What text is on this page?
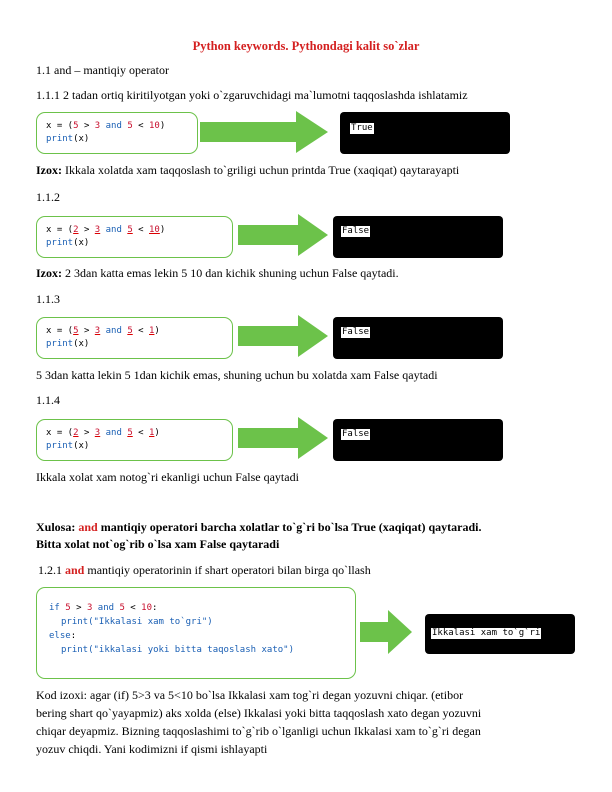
Python keywords. Pythondagi kalit so`zlar
1.1 and – mantiqiy operator
1.1.1 2 tadan ortiq kiritilyotgan yoki o`zgaruvchidagi ma`lumotni taqqoslashda ishlatamiz
x = (5 > 3 and 5 < 10)
print(x)
True
Izox: Ikkala xolatda xam taqqoslash to`griligi uchun printda True (xaqiqat) qaytarayapti
1.1.2
x = (2 > 3 and 5 < 10)
print(x)
False
Izox: 2 3dan katta emas lekin 5 10 dan kichik shuning uchun False qaytadi.
1.1.3
x = (5 > 3 and 5 < 1)
print(x)
False
5 3dan katta lekin 5 1dan kichik emas, shuning uchun bu xolatda xam False qaytadi
1.1.4
x = (2 > 3 and 5 < 1)
print(x)
False
Ikkala xolat xam notog`ri ekanligi uchun False qaytadi
Xulosa: and mantiqiy operatori barcha xolatlar to`g`ri bo`lsa True (xaqiqat) qaytaradi.
Bitta xolat not`og`rib o`lsa xam False qaytaradi
1.2.1 and mantiqiy operatorinin if shart operatori bilan birga qo`llash
if 5 > 3 and 5 < 10:
print("Ikkalasi xam to`gri")
else:
print("ikkalasi yoki bitta taqoslash xato")
Ikkalasi xam to`g`ri
Kod izoxi: agar (if) 5>3 va 5<10 bo`lsa Ikkalasi xam tog`ri degan yozuvni chiqar. (etibor
bering shart qo`yayapmiz) aks xolda (else) Ikkalasi yoki bitta taqqoslash xato degan yozuvni
chiqar deyapmiz. Bizning taqqoslashimi to`g`rib o`lganligi uchun Ikkalasi xam to`g`ri degan
yozuv chiqdi. Yani kodimizni if qismi ishlayapti
